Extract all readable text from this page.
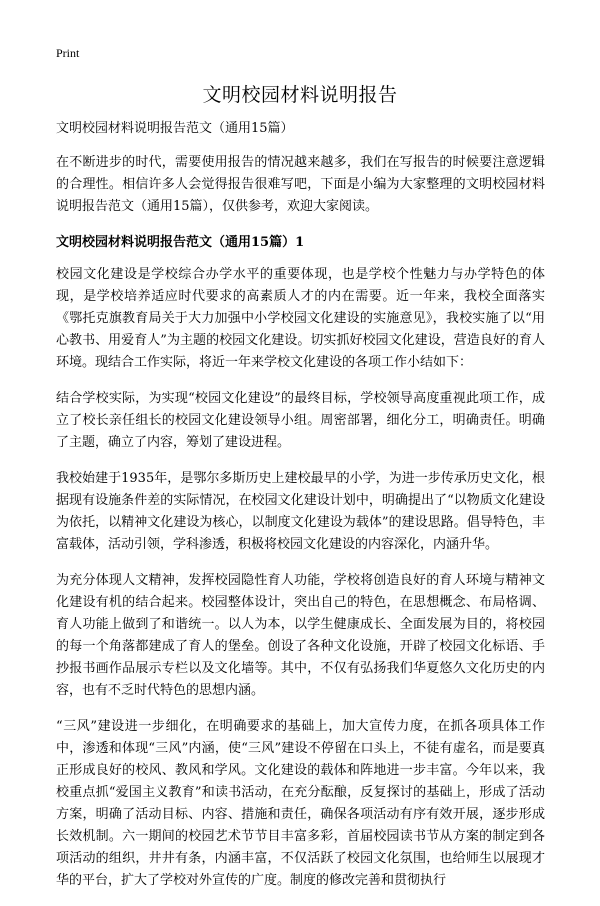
Print
文明校园材料说明报告

文明校园材料说明报告范文（通用15篇）

在不断进步的时代，需要使用报告的情况越来越多，我们在写报告的时候要注意逻辑的合理性。相信许多人会觉得报告很难写吧，下面是小编为大家整理的文明校园材料说明报告范文（通用15篇），仅供参考，欢迎大家阅读。

文明校园材料说明报告范文（通用15篇）1

校园文化建设是学校综合办学水平的重要体现，也是学校个性魅力与办学特色的体现，是学校培养适应时代要求的高素质人才的内在需要。近一年来，我校全面落实《鄂托克旗教育局关于大力加强中小学校园文化建设的实施意见》，我校实施了以“用心教书、用爱育人”为主题的校园文化建设。切实抓好校园文化建设，营造良好的育人环境。现结合工作实际，将近一年来学校文化建设的各项工作小结如下：

结合学校实际，为实现“校园文化建设”的最终目标，学校领导高度重视此项工作，成立了校长亲任组长的校园文化建设领导小组。周密部署，细化分工，明确责任。明确了主题，确立了内容，筹划了建设进程。

我校始建于1935年，是鄂尔多斯历史上建校最早的小学，为进一步传承历史文化，根据现有设施条件差的实际情况，在校园文化建设计划中，明确提出了“以物质文化建设为依托，以精神文化建设为核心，以制度文化建设为载体”的建设思路。倡导特色，丰富载体，活动引领，学科渗透，积极将校园文化建设的内容深化，内涵升华。

为充分体现人文精神，发挥校园隐性育人功能，学校将创造良好的育人环境与精神文化建设有机的结合起来。校园整体设计，突出自己的特色，在思想概念、布局格调、育人功能上做到了和谐统一。以人为本，以学生健康成长、全面发展为目的，将校园的每一个角落都建成了育人的堡垒。创设了各种文化设施，开辟了校园文化标语、手抄报书画作品展示专栏以及文化墙等。其中，不仅有弘扬我们华夏悠久文化历史的内容，也有不乏时代特色的思想内涵。

“三风”建设进一步细化，在明确要求的基础上，加大宣传力度，在抓各项具体工作中，渗透和体现“三风”内涵，使“三风”建设不停留在口头上，不徒有虚名，而是要真正形成良好的校风、教风和学风。文化建设的载体和阵地进一步丰富。今年以来，我校重点抓“爱国主义教育”和读书活动，在充分酝酿，反复探讨的基础上，形成了活动方案，明确了活动目标、内容、措施和责任，确保各项活动有序有效开展，逐步形成长效机制。六一期间的校园艺术节节目丰富多彩，首届校园读书节从方案的制定到各项活动的组织，井井有条，内涵丰富，不仅活跃了校园文化氛围，也给师生以展现才华的平台，扩大了学校对外宣传的广度。制度的修改完善和贯彻执行
